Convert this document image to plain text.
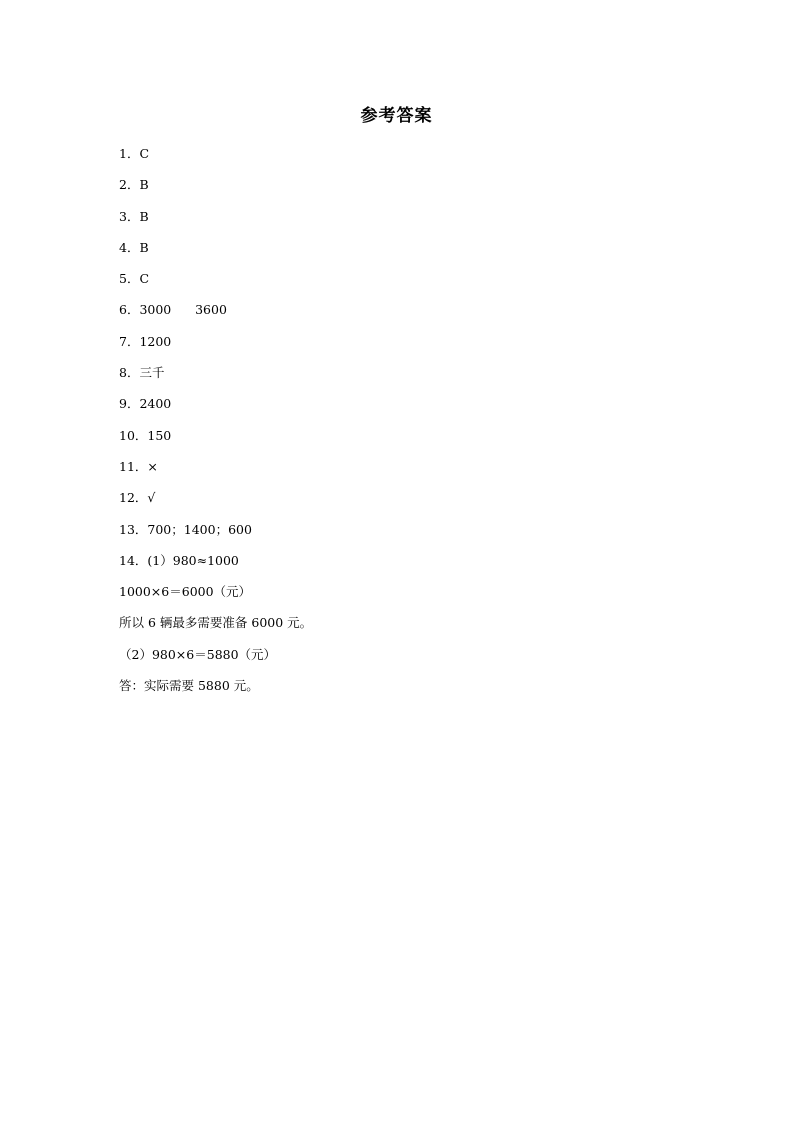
参考答案
1．C
2．B
3．B
4．B
5．C
6．3000      3600
7．1200
8．三千
9．2400
10．150
11．×
12．√
13．700；1400；600
14．(1）980≈1000
1000×6＝6000（元）
所以 6 辆最多需要准备 6000 元。
（2）980×6＝5880（元）
答：实际需要 5880 元。
